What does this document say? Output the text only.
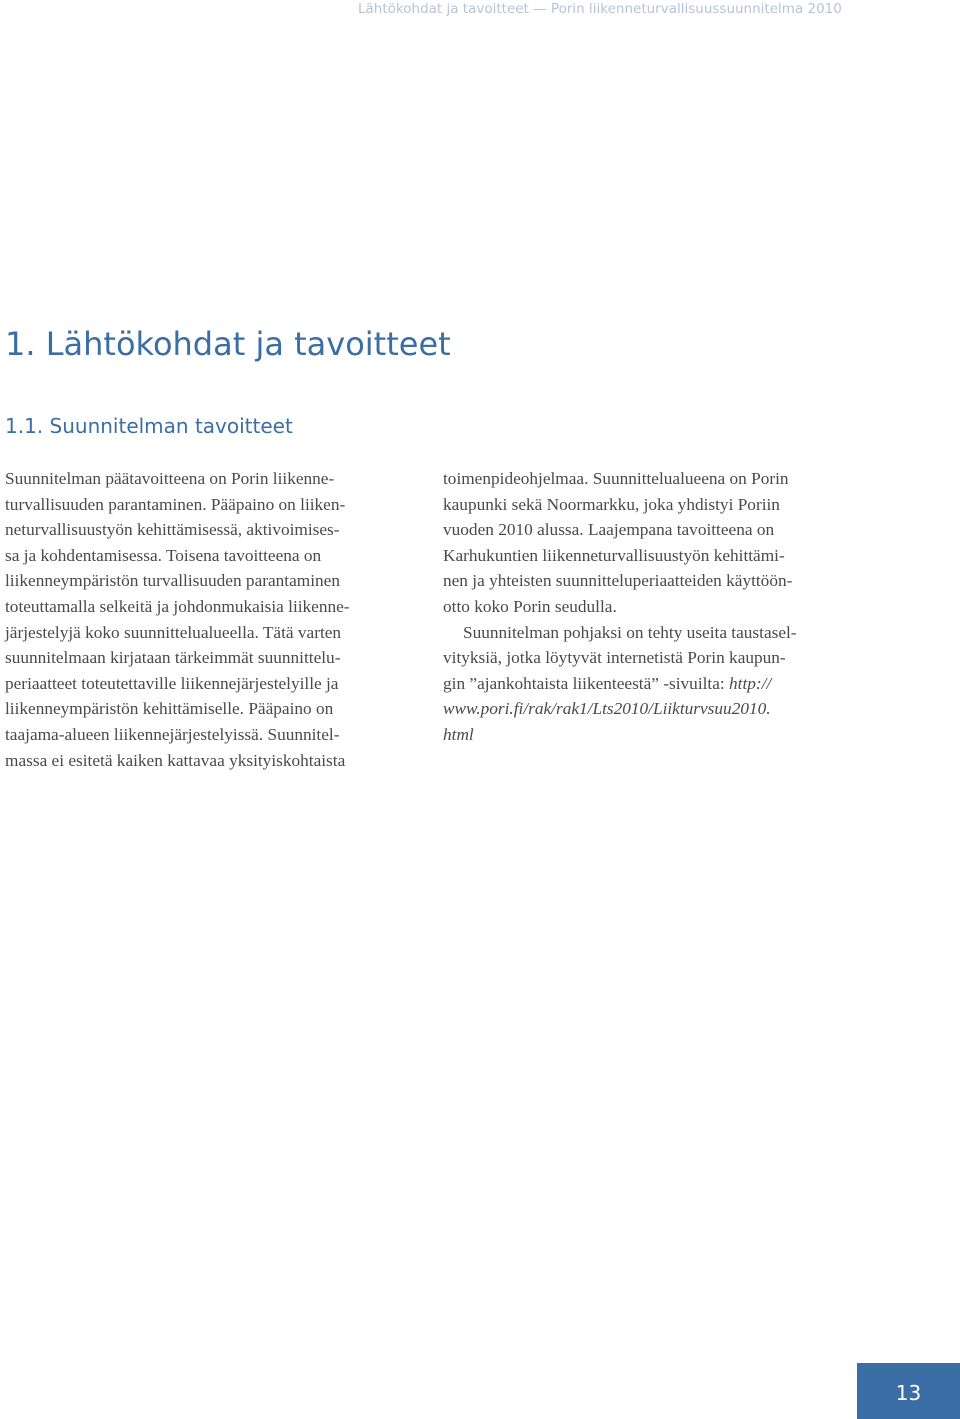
Lähtökohdat ja tavoitteet — Porin liikenneturvallisuussuunnitelma 2010
1. Lähtökohdat ja tavoitteet
1.1. Suunnitelman tavoitteet

Suunnitelman päätavoitteena on Porin liikenne-
turvallisuuden parantaminen. Pääpaino on liiken-
neturvallisuustyön kehittämisessä, aktivoimises-
sa ja kohdentamisessa. Toisena tavoitteena on
liikenneympäristön turvallisuuden parantaminen
toteuttamalla selkeitä ja johdonmukaisia liikenne-
järjestelyjä koko suunnittelualueella. Tätä varten
suunnitelmaan kirjataan tärkeimmät suunnittelu-
periaatteet toteutettaville liikennejärjestelyille ja
liikenneympäristön kehittämiselle. Pääpaino on
taajama-alueen liikennejärjestelyissä. Suunnitel-
massa ei esitetä kaiken kattavaa yksityiskohtaista

toimenpideohjelmaa. Suunnittelualueena on Porin
kaupunki sekä Noormarkku, joka yhdistyi Poriin
vuoden 2010 alussa. Laajempana tavoitteena on
Karhukuntien liikenneturvallisuustyön kehittämi-
nen ja yhteisten suunnitteluperiaatteiden käyttöön-
otto koko Porin seudulla.

Suunnitelman pohjaksi on tehty useita taustasel-
vityksiä, jotka löytyvät internetistä Porin kaupun-
gin ”ajankohtaista liikenteestä” -sivuilta: http://
www.pori.fi/rak/rak1/Lts2010/Liikturvsuu2010.
html

13
